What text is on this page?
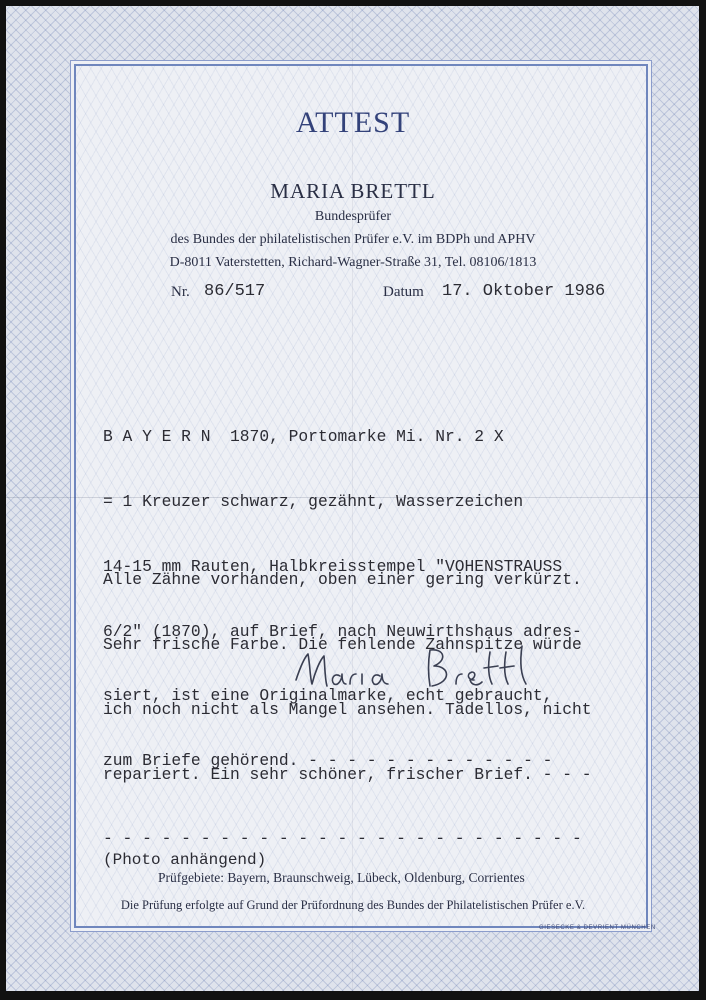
ATTEST
MARIA BRETTL
Bundesprüfer
des Bundes der philatelistischen Prüfer e.V. im BDPh und APHV
D-8011 Vaterstetten, Richard-Wagner-Straße 31, Tel. 08106/1813
Nr. 86/517	Datum 17. Oktober 1986

B A Y E R N  1870, Portomarke Mi. Nr. 2 X

= 1 Kreuzer schwarz, gezähnt, Wasserzeichen

14-15 mm Rauten, Halbkreisstempel "VOHENSTRAUSS

6/2" (1870), auf Brief, nach Neuwirthshaus adres-

siert, ist eine Originalmarke, echt gebraucht,

zum Briefe gehörend. - - - - - - - - - - - - -

Alle Zähne vorhanden, oben einer gering verkürzt.

Sehr frische Farbe. Die fehlende Zahnspitze würde

ich noch nicht als Mangel ansehen. Tadellos, nicht

repariert. Ein sehr schöner, frischer Brief. - - -

- - - - - - - - - - - - - - - - - - - - - - - - -

(Photo anhängend)
Prüfgebiete: Bayern, Braunschweig, Lübeck, Oldenburg, Corrientes
Die Prüfung erfolgte auf Grund der Prüfordnung des Bundes der Philatelistischen Prüfer e.V.
GIESECKE & DEVRIENT MÜNCHEN
